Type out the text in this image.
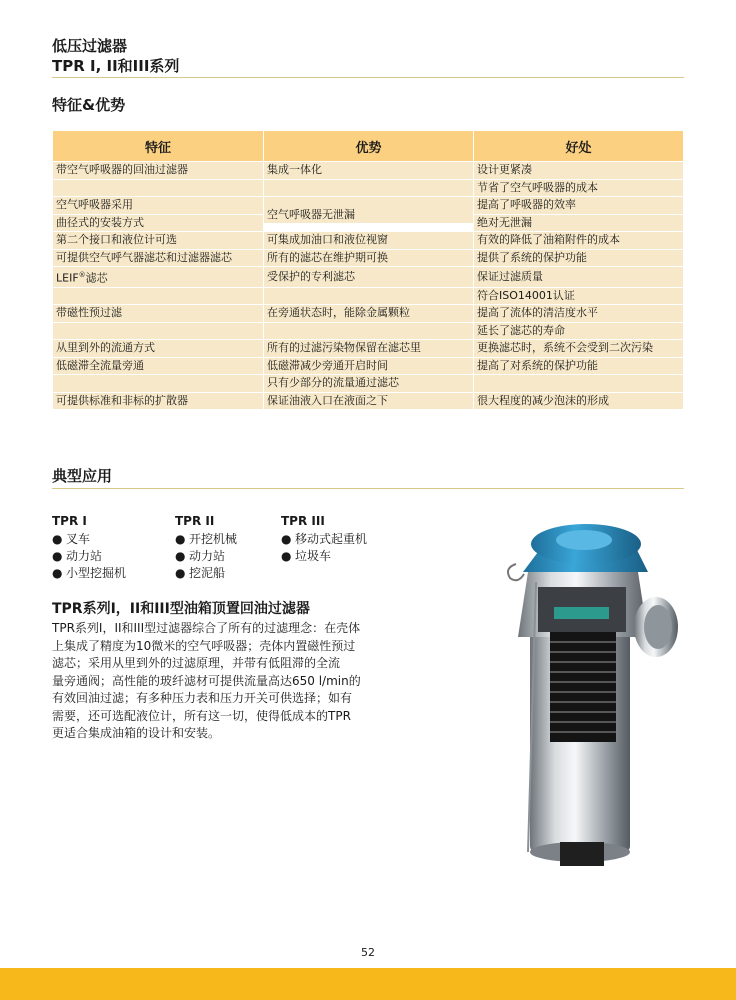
低压过滤器
TPR I, II和III系列
特征&优势
特征	优势	好处
带空气呼吸器的回油过滤器	集成一体化	设计更紧凑
		节省了空气呼吸器的成本
空气呼吸器采用		提高了呼吸器的效率
曲径式的安装方式	空气呼吸器无泄漏	绝对无泄漏
第二个接口和液位计可选	可集成加油口和液位视窗	有效的降低了油箱附件的成本
可提供空气呼气器滤芯和过滤器滤芯	所有的滤芯在维护期可换	提供了系统的保护功能
LEIF®滤芯	受保护的专利滤芯	保证过滤质量
		符合ISO14001认证
带磁性预过滤	在旁通状态时，能除金属颗粒	提高了流体的清洁度水平
		延长了滤芯的寿命
从里到外的流通方式	所有的过滤污染物保留在滤芯里	更换滤芯时，系统不会受到二次污染
低磁滞全流量旁通	低磁滞减少旁通开启时间	提高了对系统的保护功能
	只有少部分的流量通过滤芯	
可提供标准和非标的扩散器	保证油液入口在液面之下	很大程度的减少泡沫的形成
典型应用
TPR I
● 叉车
● 动力站
● 小型挖掘机
TPR II
● 开挖机械
● 动力站
● 挖泥船
TPR III
● 移动式起重机
● 垃圾车
TPR系列I，II和III型油箱顶置回油过滤器
TPR系列I，II和III型过滤器综合了所有的过滤理念：在壳体
上集成了精度为10微米的空气呼吸器；壳体内置磁性预过
滤芯；采用从里到外的过滤原理，并带有低阻滞的全流
量旁通阀；高性能的玻纤滤材可提供流量高达650 l/min的
有效回油过滤；有多种压力表和压力开关可供选择；如有
需要，还可选配液位计，所有这一切，使得低成本的TPR
更适合集成油箱的设计和安装。
52
